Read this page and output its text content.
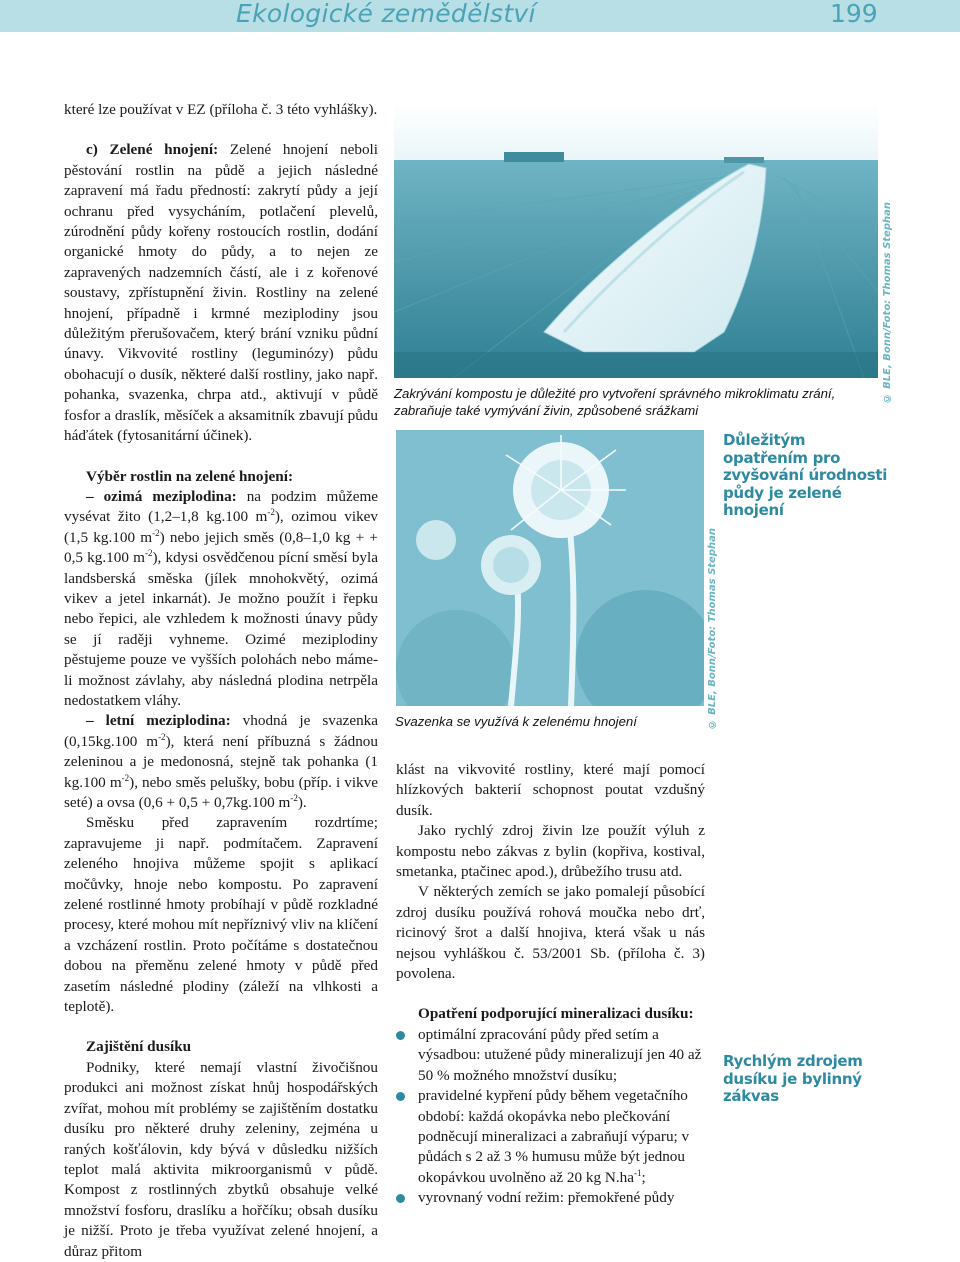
Ekologické zemědělství	199

které lze používat v EZ (příloha č. 3 této vyhlášky).

c) Zelené hnojení: Zelené hnojení neboli pěstování rostlin na půdě a jejich následné zapravení má řadu předností: zakrytí půdy a její ochranu před vysycháním, potlačení plevelů, zúrodnění půdy kořeny rostoucích rostlin, dodání organické hmoty do půdy, a to nejen ze zapravených nadzemních částí, ale i z kořenové soustavy, zpřístupnění živin. Rostliny na zelené hnojení, případně i krmné meziplodiny jsou důležitým přerušovačem, který brání vzniku půdní únavy. Vikvovité rostliny (leguminózy) půdu obohacují o dusík, některé další rostliny, jako např. pohanka, svazenka, chrpa atd., aktivují v půdě fosfor a draslík, měsíček a aksamitník zbavují půdu háďátek (fytosanitární účinek).

Výběr rostlin na zelené hnojení:

– ozimá meziplodina: na podzim můžeme vysévat žito (1,2–1,8 kg.100 $m^{-2}$), ozimou vikev (1,5 kg.100 $m^{-2}$) nebo jejich směs (0,8–1,0 kg + + 0,5 kg.100 $m^{-2}$), kdysi osvědčenou pícní směsí byla landsberská směska (jílek mnohokvětý, ozimá vikev a jetel inkarnát). Je možno použít i řepku nebo řepici, ale vzhledem k možnosti únavy půdy se jí raději vyhneme. Ozimé meziplodiny pěstujeme pouze ve vyšších polohách nebo máme-li možnost závlahy, aby následná plodina netrpěla nedostatkem vláhy.

– letní meziplodina: vhodná je svazenka (0,15kg.100 $m^{-2}$), která není příbuzná s žádnou zeleninou a je medonosná, stejně tak pohanka (1 kg.100 $m^{-2}$), nebo směs pelušky, bobu (příp. i vikve seté) a ovsa (0,6 + 0,5 + 0,7kg.100 $m^{-2}$).

Směsku před zapravením rozdrtíme; zapravujeme ji např. podmítačem. Zapravení zeleného hnojiva můžeme spojit s aplikací močůvky, hnoje nebo kompostu. Po zapravení zelené rostlinné hmoty probíhají v půdě rozkladné procesy, které mohou mít nepříznivý vliv na klíčení a vzcházení rostlin. Proto počítáme s dostatečnou dobou na přeměnu zelené hmoty v půdě před zasetím následné plodiny (záleží na vlhkosti a teplotě).

Zajištění dusíku

Podniky, které nemají vlastní živočišnou produkci ani možnost získat hnůj hospodářských zvířat, mohou mít problémy se zajištěním dostatku dusíku pro některé druhy zeleniny, zejména u raných košťálovin, kdy bývá v důsledku nižších teplot malá aktivita mikroorganismů v půdě. Kompost z rostlinných zbytků obsahuje velké množství fosforu, draslíku a hořčíku; obsah dusíku je nižší. Proto je třeba využívat zelené hnojení, a důraz přitom

© BLE, Bonn/Foto: Thomas Stephan
Zakrývání kompostu je důležité pro vytvoření správného mikroklimatu zrání, zabraňuje také vymývání živin, způsobené srážkami
© BLE, Bonn/Foto: Thomas Stephan
Svazenka se využívá k zelenému hnojení
Důležitým opatřením pro zvyšování úrodnosti půdy je zelené hnojení
Rychlým zdrojem dusíku je bylinný zákvas

klást na vikvovité rostliny, které mají pomocí hlízkových bakterií schopnost poutat vzdušný dusík.

Jako rychlý zdroj živin lze použít výluh z kompostu nebo zákvas z bylin (kopřiva, kostival, smetanka, ptačinec apod.), drůbežího trusu atd.

V některých zemích se jako pomalejí působící zdroj dusíku používá rohová moučka nebo drť, ricinový šrot a další hnojiva, která však u nás nejsou vyhláškou č. 53/2001 Sb. (příloha č. 3) povolena.

Opatření podporující mineralizaci dusíku:

optimální zpracování půdy před setím a výsadbou: utužené půdy mineralizují jen 40 až 50 % možného množství dusíku;
pravidelné kypření půdy během vegetačního období: každá okopávka nebo plečkování podněcují mineralizaci a zabraňují výparu; v půdách s 2 až 3 % humusu může být jednou okopávkou uvolněno až 20 kg $N.ha^{-1}$;
vyrovnaný vodní režim: přemokřené půdy
